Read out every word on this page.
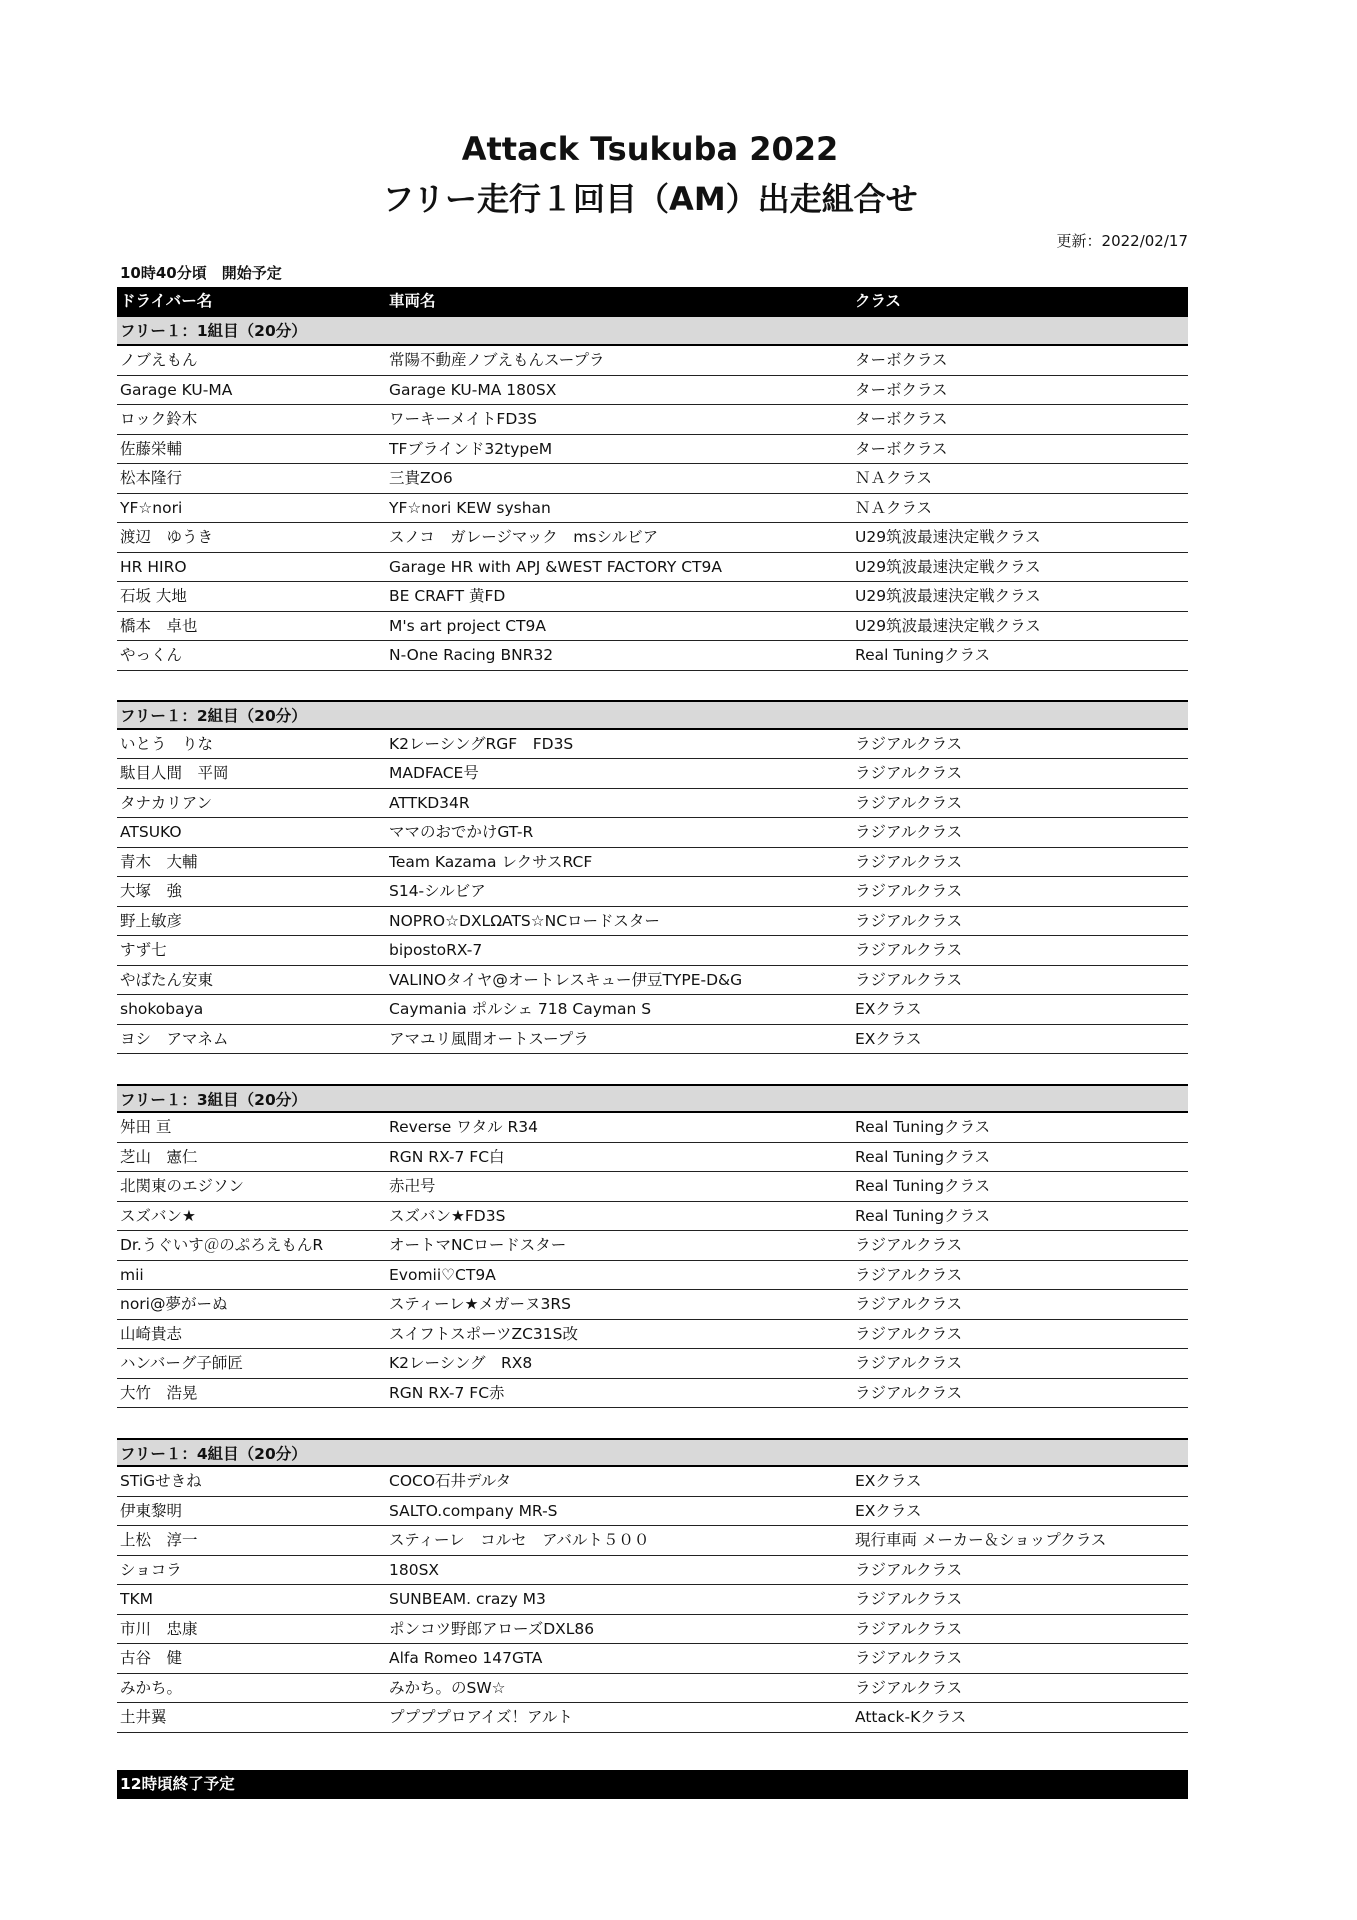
Attack Tsukuba 2022
フリー走行１回目（AM）出走組合せ
更新：2022/02/17
10時40分頃　開始予定
ドライバー名	車両名	クラス
フリー１：1組目（20分）
ノブえもん	常陽不動産ノブえもんスープラ	ターボクラス
Garage KU-MA	Garage KU-MA 180SX	ターボクラス
ロック鈴木	ワーキーメイトFD3S	ターボクラス
佐藤栄輔	TFブラインド32typeM	ターボクラス
松本隆行	三貴ZO6	ＮＡクラス
YF☆nori	YF☆nori KEW syshan	ＮＡクラス
渡辺　ゆうき	スノコ　ガレージマック　msシルビア	U29筑波最速決定戦クラス
HR HIRO	Garage HR with APJ &WEST FACTORY CT9A	U29筑波最速決定戦クラス
石坂 大地	BE CRAFT 黄FD	U29筑波最速決定戦クラス
橋本　卓也	M's art project CT9A	U29筑波最速決定戦クラス
やっくん	N-One Racing BNR32	Real Tuningクラス
フリー１：2組目（20分）
いとう　りな	K2レーシングRGF　FD3S	ラジアルクラス
駄目人間　平岡	MADFACE号	ラジアルクラス
タナカリアン	ATTKD34R	ラジアルクラス
ATSUKO	ママのおでかけGT-R	ラジアルクラス
青木　大輔	Team Kazama レクサスRCF	ラジアルクラス
大塚　強	S14-シルビア	ラジアルクラス
野上敏彦	NOPRO☆DXLΩATS☆NCロードスター	ラジアルクラス
すず七	bipostoRX-7	ラジアルクラス
やばたん安東	VALINOタイヤ@オートレスキュー伊豆TYPE-D&G	ラジアルクラス
shokobaya	Caymania ポルシェ 718 Cayman S	EXクラス
ヨシ　アマネム	アマユリ風間オートスープラ	EXクラス
フリー１：3組目（20分）
舛田 亘	Reverse ワタル R34	Real Tuningクラス
芝山　憲仁	RGN RX-7 FC白	Real Tuningクラス
北関東のエジソン	赤卍号	Real Tuningクラス
スズバン★	スズバン★FD3S	Real Tuningクラス
Dr.うぐいす＠のぷろえもんR	オートマNCロードスター	ラジアルクラス
mii	Evomii♡CT9A	ラジアルクラス
nori@夢がーぬ	スティーレ★メガーヌ3RS	ラジアルクラス
山崎貴志	スイフトスポーツZC31S改	ラジアルクラス
ハンバーグ子師匠	K2レーシング　RX8	ラジアルクラス
大竹　浩晃	RGN RX-7 FC赤	ラジアルクラス
フリー１：4組目（20分）
STiGせきね	COCO石井デルタ	EXクラス
伊東黎明	SALTO.company MR-S	EXクラス
上松　淳一	スティーレ　コルセ　アバルト５００	現行車両 メーカー＆ショップクラス
ショコラ	180SX	ラジアルクラス
TKM	SUNBEAM. crazy M3	ラジアルクラス
市川　忠康	ポンコツ野郎アローズDXL86	ラジアルクラス
古谷　健	Alfa Romeo 147GTA	ラジアルクラス
みかち。	みかち。のSW☆	ラジアルクラス
土井翼	ププププロアイズ！アルト	Attack-Kクラス
12時頃終了予定
